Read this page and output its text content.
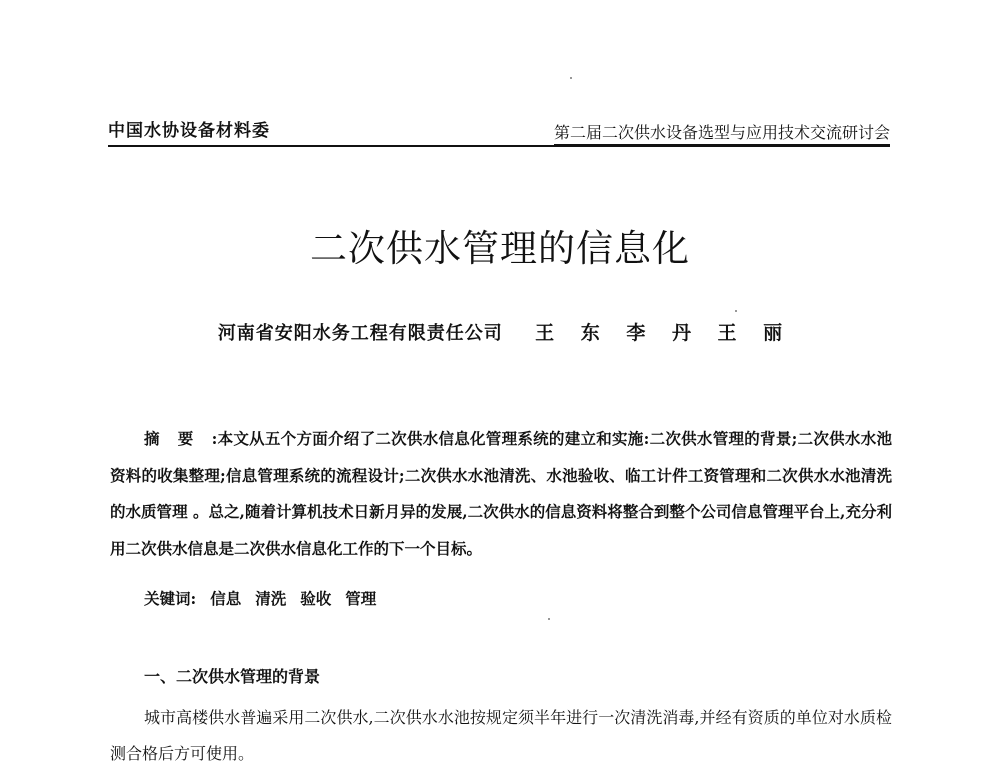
中国水协设备材料委	第二届二次供水设备选型与应用技术交流研讨会
二次供水管理的信息化
河南省安阳水务工程有限责任公司 王 东 李 丹 王 丽
摘要:本文从五个方面介绍了二次供水信息化管理系统的建立和实施:二次供水管理的背景;二次供水水池资料的收集整理;信息管理系统的流程设计;二次供水水池清洗、水池验收、临工计件工资管理和二次供水水池清洗的水质管理 。总之,随着计算机技术日新月异的发展,二次供水的信息资料将整合到整个公司信息管理平台上,充分利用二次供水信息是二次供水信息化工作的下一个目标。
关键词: 信息 清洗 验收 管理
一、二次供水管理的背景
城市高楼供水普遍采用二次供水,二次供水水池按规定须半年进行一次清洗消毒,并经有资质的单位对水质检测合格后方可使用。
